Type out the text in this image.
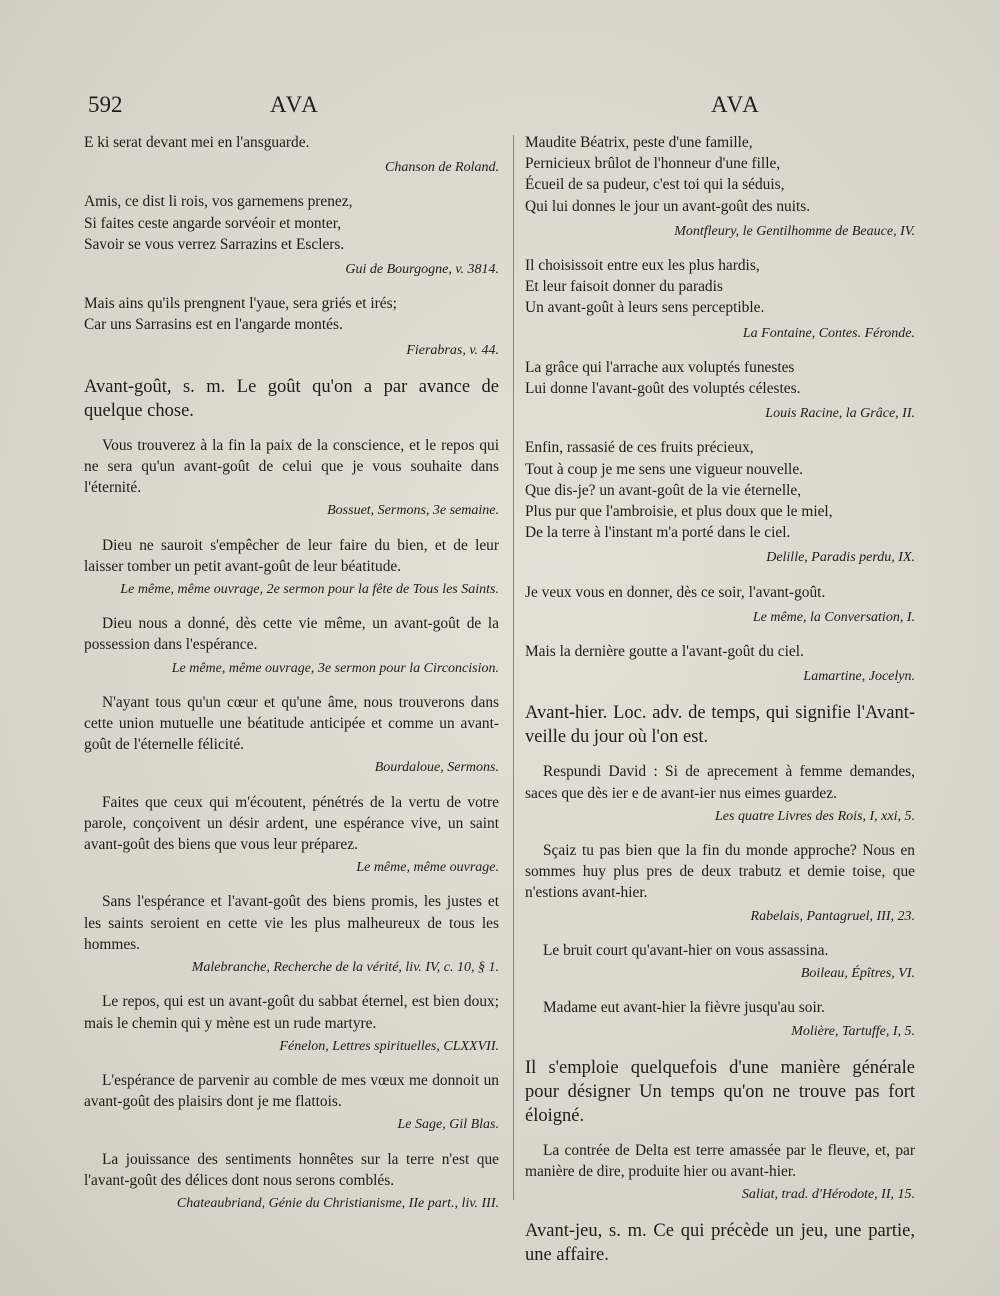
592	AVA	AVA
E ki serat devant mei en l'ansguarde.
Chanson de Roland.
Amis, ce dist li rois, vos garnemens prenez,
Si faites ceste angarde sorvéoir et monter,
Savoir se vous verrez Sarrazins et Esclers.
Gui de Bourgogne, v. 3814.
Mais ains qu'ils prengnent l'yaue, sera griés et irés;
Car uns Sarrasins est en l'angarde montés.
Fierabras, v. 44.
Avant-goût, s. m. Le goût qu'on a par avance de quelque chose.
Vous trouverez à la fin la paix de la conscience, et le repos qui ne sera qu'un avant-goût de celui que je vous souhaite dans l'éternité.
Bossuet, Sermons, 3e semaine.
Dieu ne sauroit s'empêcher de leur faire du bien, et de leur laisser tomber un petit avant-goût de leur béatitude.
Le même, même ouvrage, 2e sermon pour la fête de Tous les Saints.
Dieu nous a donné, dès cette vie même, un avant-goût de la possession dans l'espérance.
Le même, même ouvrage, 3e sermon pour la Circoncision.
N'ayant tous qu'un cœur et qu'une âme, nous trouverons dans cette union mutuelle une béatitude anticipée et comme un avant-goût de l'éternelle félicité.
Bourdaloue, Sermons.
Faites que ceux qui m'écoutent, pénétrés de la vertu de votre parole, conçoivent un désir ardent, une espérance vive, un saint avant-goût des biens que vous leur préparez.
Le même, même ouvrage.
Sans l'espérance et l'avant-goût des biens promis, les justes et les saints seroient en cette vie les plus malheureux de tous les hommes.
Malebranche, Recherche de la vérité, liv. IV, c. 10, § 1.
Le repos, qui est un avant-goût du sabbat éternel, est bien doux; mais le chemin qui y mène est un rude martyre.
Fénelon, Lettres spirituelles, CLXXVII.
L'espérance de parvenir au comble de mes vœux me donnoit un avant-goût des plaisirs dont je me flattois.
Le Sage, Gil Blas.
La jouissance des sentiments honnêtes sur la terre n'est que l'avant-goût des délices dont nous serons comblés.
Chateaubriand, Génie du Christianisme, IIe part., liv. III.
Maudite Béatrix, peste d'une famille,
Pernicieux brûlot de l'honneur d'une fille,
Écueil de sa pudeur, c'est toi qui la séduis,
Qui lui donnes le jour un avant-goût des nuits.
Montfleury, le Gentilhomme de Beauce, IV.
Il choisissoit entre eux les plus hardis,
Et leur faisoit donner du paradis
Un avant-goût à leurs sens perceptible.
La Fontaine, Contes. Féronde.
La grâce qui l'arrache aux voluptés funestes
Lui donne l'avant-goût des voluptés célestes.
Louis Racine, la Grâce, II.
Enfin, rassasié de ces fruits précieux,
Tout à coup je me sens une vigueur nouvelle.
Que dis-je? un avant-goût de la vie éternelle,
Plus pur que l'ambroisie, et plus doux que le miel,
De la terre à l'instant m'a porté dans le ciel.
Delille, Paradis perdu, IX.
Je veux vous en donner, dès ce soir, l'avant-goût.
Le même, la Conversation, I.
Mais la dernière goutte a l'avant-goût du ciel.
Lamartine, Jocelyn.
Avant-hier. Loc. adv. de temps, qui signifie l'Avant-veille du jour où l'on est.
Respundi David : Si de aprecement à femme demandes, saces que dès ier e de avant-ier nus eimes guardez.
Les quatre Livres des Rois, I, xxi, 5.
Sçaiz tu pas bien que la fin du monde approche? Nous en sommes huy plus pres de deux trabutz et demie toise, que n'estions avant-hier.
Rabelais, Pantagruel, III, 23.
Le bruit court qu'avant-hier on vous assassina.
Boileau, Épîtres, VI.
Madame eut avant-hier la fièvre jusqu'au soir.
Molière, Tartuffe, I, 5.
Il s'emploie quelquefois d'une manière générale pour désigner Un temps qu'on ne trouve pas fort éloigné.
La contrée de Delta est terre amassée par le fleuve, et, par manière de dire, produite hier ou avant-hier.
Saliat, trad. d'Hérodote, II, 15.
Avant-jeu, s. m. Ce qui précède un jeu, une partie, une affaire.
